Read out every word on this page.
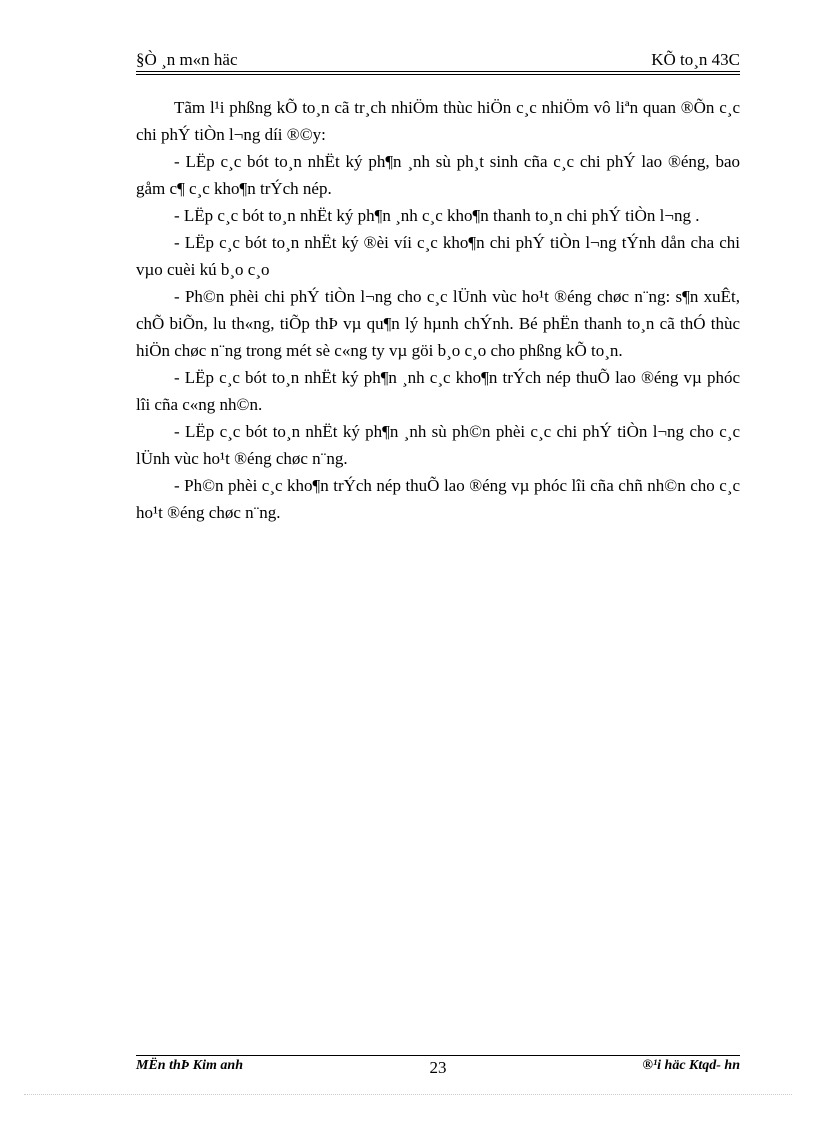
§Ò ¸n m«n häc	KÕ to¸n 43C

Tãm l¹i phßng kÕ to¸n cã tr¸ch nhiÖm thùc hiÖn c¸c nhiÖm vô liªn quan ®Õn c¸c chi phÝ tiÒn l¬ng díi ®©y:

- LËp c¸c bót to¸n nhËt ký ph¶n ¸nh sù ph¸t sinh cña c¸c chi phÝ lao ®éng, bao gåm c¶ c¸c kho¶n trÝch nép.

- LËp c¸c bót to¸n nhËt ký ph¶n ¸nh c¸c kho¶n thanh to¸n chi phÝ tiÒn l¬ng .

- LËp c¸c bót to¸n nhËt ký ®èi víi c¸c kho¶n chi phÝ tiÒn l¬ng tÝnh dån cha chi vµo cuèi kú b¸o c¸o

- Ph©n phèi chi phÝ tiÒn l¬ng cho c¸c lÜnh vùc ho¹t ®éng chøc n¨ng: s¶n xuÊt, chÕ biÕn, lu th«ng, tiÕp thÞ vµ qu¶n lý hµnh chÝnh. Bé phËn thanh to¸n cã thÓ thùc hiÖn chøc n¨ng trong mét sè c«ng ty vµ göi b¸o c¸o cho phßng kÕ to¸n.

- LËp c¸c bót to¸n nhËt ký ph¶n ¸nh c¸c kho¶n trÝch nép thuÕ lao ®éng vµ phóc lîi cña c«ng nh©n.

- LËp c¸c bót to¸n nhËt ký ph¶n ¸nh sù ph©n phèi c¸c chi phÝ tiÒn l¬ng cho c¸c lÜnh vùc ho¹t ®éng chøc n¨ng.

- Ph©n phèi c¸c kho¶n trÝch nép thuÕ lao ®éng vµ phóc lîi cña chñ nh©n cho c¸c ho¹t ®éng chøc n¨ng.

MËn thÞ Kim anh	23	®¹i häc Ktqd- hn
